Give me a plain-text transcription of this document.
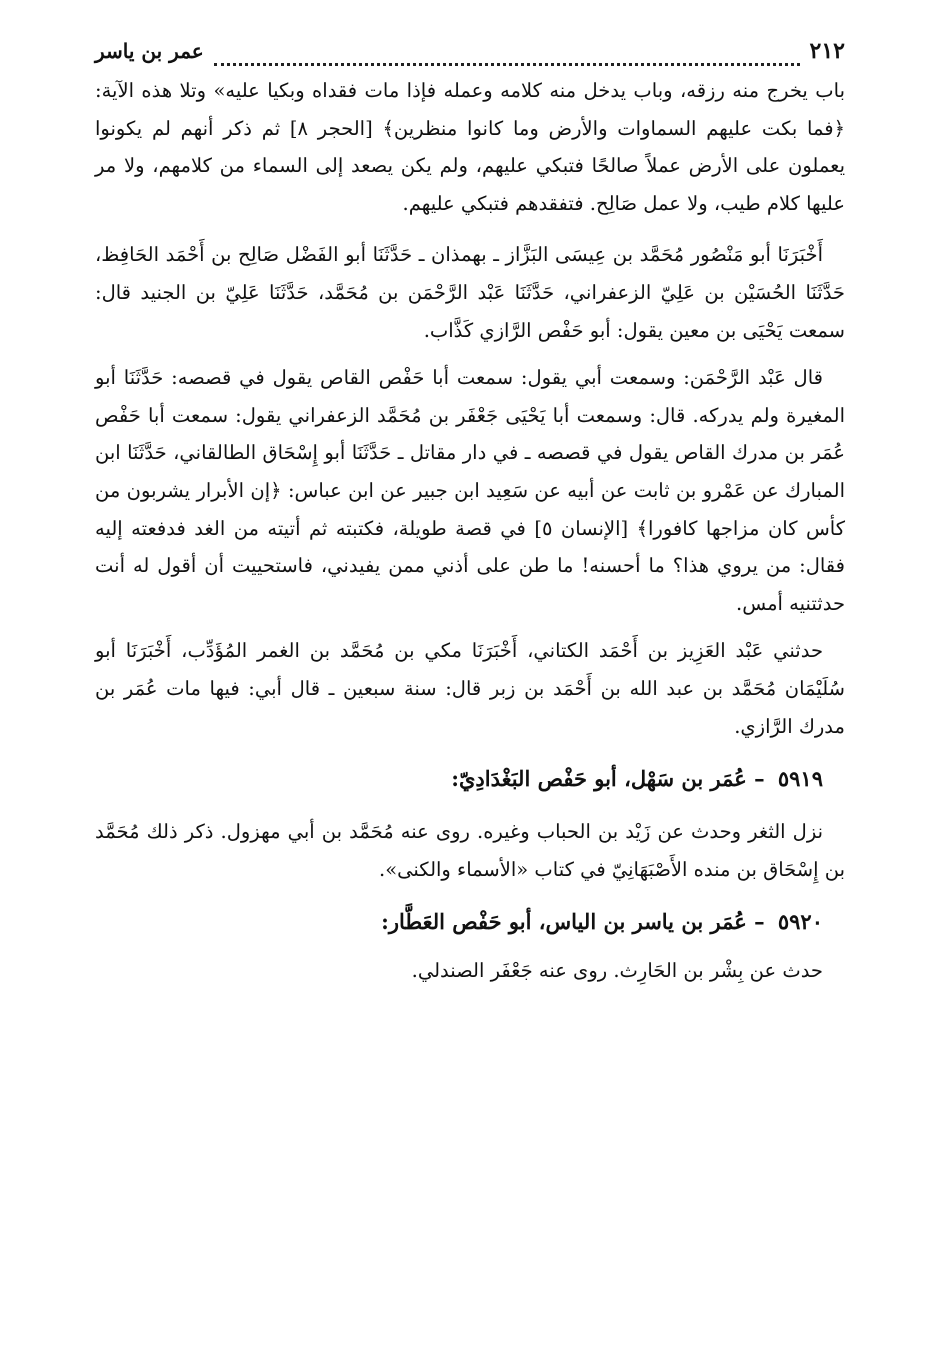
٢١٢
عمر بن ياسر

باب يخرج منه رزقه، وباب يدخل منه كلامه وعمله فإذا مات فقداه وبكيا عليه» وتلا هذه الآية: ﴿فما بكت عليهم السماوات والأرض وما كانوا منظرين﴾ [الحجر ٨] ثم ذكر أنهم لم يكونوا يعملون على الأرض عملاً صالحًا فتبكي عليهم، ولم يكن يصعد إلى السماء من كلامهم، ولا مر عليها كلام طيب، ولا عمل صَالِح. فتفقدهم فتبكي عليهم.

أَخْبَرَنَا أبو مَنْصُور مُحَمَّد بن عِيسَى البَزَّاز ـ بهمذان ـ حَدَّثَنَا أبو الفَضْل صَالِح بن أَحْمَد الحَافِظ، حَدَّثَنَا الحُسَيْن بن عَلِيّ الزعفراني، حَدَّثَنَا عَبْد الرَّحْمَن بن مُحَمَّد، حَدَّثَنَا عَلِيّ بن الجنيد قال: سمعت يَحْيَى بن معين يقول: أبو حَفْص الرَّازي كَذَّاب.

قال عَبْد الرَّحْمَن: وسمعت أبي يقول: سمعت أبا حَفْص القاص يقول في قصصه: حَدَّثَنَا أبو المغيرة ولم يدركه. قال: وسمعت أبا يَحْيَى جَعْفَر بن مُحَمَّد الزعفراني يقول: سمعت أبا حَفْص عُمَر بن مدرك القاص يقول في قصصه ـ في دار مقاتل ـ حَدَّثَنَا أبو إِسْحَاق الطالقاني، حَدَّثَنَا ابن المبارك عن عَمْرو بن ثابت عن أبيه عن سَعِيد ابن جبير عن ابن عباس: ﴿إن الأبرار يشربون من كأس كان مزاجها كافورا﴾ [الإنسان ٥] في قصة طويلة، فكتبته ثم أتيته من الغد فدفعته إليه فقال: من يروي هذا؟ ما أحسنه! ما طن على أذني ممن يفيدني، فاستحييت أن أقول له أنت حدثتنيه أمس.

حدثني عَبْد العَزِيز بن أَحْمَد الكتاني، أَخْبَرَنَا مكي بن مُحَمَّد بن الغمر المُؤَدِّب، أَخْبَرَنَا أبو سُلَيْمَان مُحَمَّد بن عبد الله بن أَحْمَد بن زبر قال: سنة سبعين ـ قال أبي: فيها مات عُمَر بن مدرك الرَّازي.

٥٩١٩ – عُمَر بن سَهْل، أبو حَفْص البَغْدَادِيّ:

نزل الثغر وحدث عن زَيْد بن الحباب وغيره. روى عنه مُحَمَّد بن أبي مهزول. ذكر ذلك مُحَمَّد بن إِسْحَاق بن منده الأَصْبَهَانِيّ في كتاب «الأسماء والكنى».

٥٩٢٠ – عُمَر بن ياسر بن الياس، أبو حَفْص العَطَّار:

حدث عن بِشْر بن الحَارِث. روى عنه جَعْفَر الصندلي.
